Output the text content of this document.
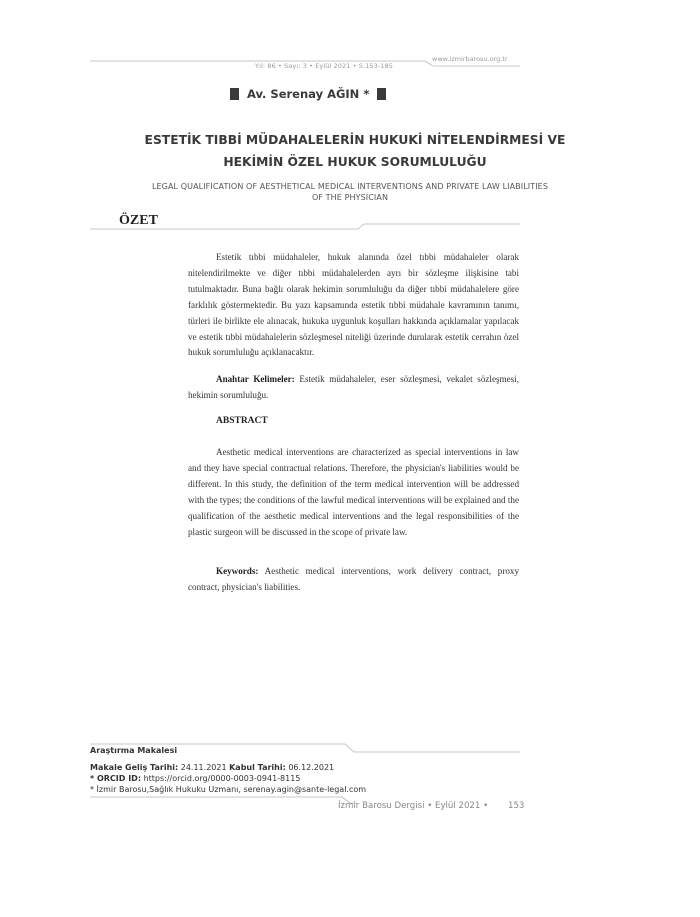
Yıl: 86 • Sayı: 3 • Eylül 2021 • S.153-185
www.izmirbarosu.org.tr
Av. Serenay AĞIN *
ESTETİK TIBBİ MÜDAHALELERİN HUKUKİ NİTELENDİRMESİ VE
HEKİMİN ÖZEL HUKUK SORUMLULUĞU
LEGAL QUALIFICATION OF AESTHETICAL MEDICAL INTERVENTIONS AND PRIVATE LAW LIABILITIES
OF THE PHYSICIAN
ÖZET
Estetik tıbbi müdahaleler, hukuk alanında özel tıbbi müdahaleler olarak nitelendirilmekte ve diğer tıbbi müdahalelerden ayrı bir sözleşme ilişkisine tabi tutulmaktadır. Buna bağlı olarak hekimin sorumluluğu da diğer tıbbi müdahalelere göre farklılık göstermektedir. Bu yazı kapsamında estetik tıbbi müdahale kavramının tanımı, türleri ile birlikte ele alınacak, hukuka uygunluk koşulları hakkında açıklamalar yapılacak ve estetik tıbbi müdahalelerin sözleşmesel niteliği üzerinde durularak estetik cerrahın özel hukuk sorumluluğu açıklanacaktır.
Anahtar Kelimeler: Estetik müdahaleler, eser sözleşmesi, vekalet sözleşmesi, hekimin sorumluluğu.
ABSTRACT
Aesthetic medical interventions are characterized as special interventions in law and they have special contractual relations. Therefore, the physician's liabilities would be different. In this study, the definition of the term medical intervention will be addressed with the types; the conditions of the lawful medical interventions will be explained and the qualification of the aesthetic medical interventions and the legal responsibilities of the plastic surgeon will be discussed in the scope of private law.
Keywords: Aesthetic medical interventions, work delivery contract, proxy contract, physician's liabilities.
Araştırma Makalesi
Makale Geliş Tarihi: 24.11.2021 Kabul Tarihi: 06.12.2021
* ORCID ID: https://orcid.org/0000-0003-0941-8115
* İzmir Barosu,Sağlık Hukuku Uzmanı, serenay.agin@sante-legal.com
İzmir Barosu Dergisi • Eylül 2021 • 153
